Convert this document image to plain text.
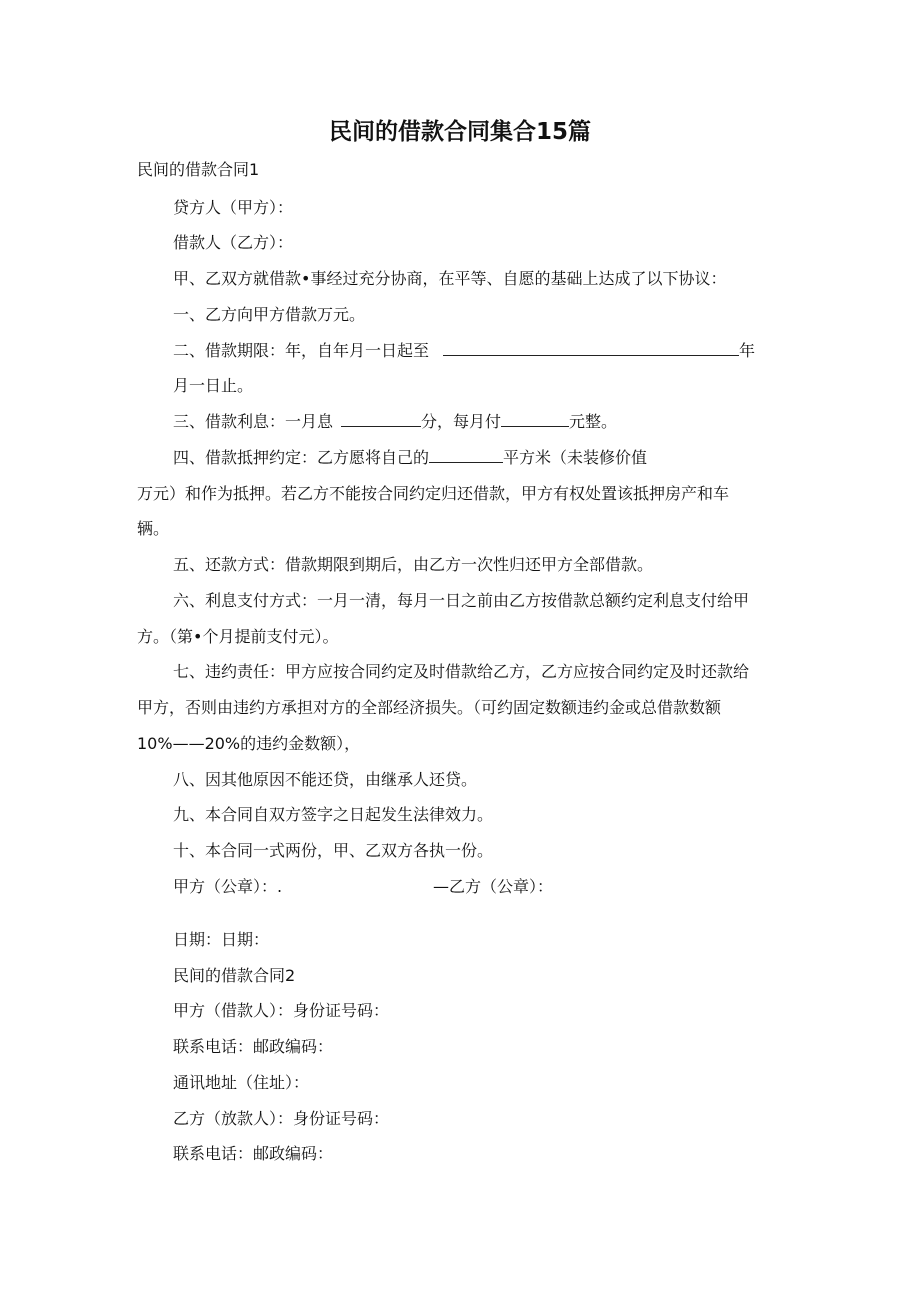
民间的借款合同集合15篇
民间的借款合同1
贷方人（甲方）：
借款人（乙方）：
甲、乙双方就借款•事经过充分协商，在平等、自愿的基础上达成了以下协议：
一、乙方向甲方借款万元。
二、借款期限：年，自年月一日起至	年
月一日止。
三、借款利息：一月息	分，每月付	元整。
四、借款抵押约定：乙方愿将自己的	平方米（未装修价值
万元）和作为抵押。若乙方不能按合同约定归还借款，甲方有权处置该抵押房产和车
辆。
五、还款方式：借款期限到期后，由乙方一次性归还甲方全部借款。
六、利息支付方式：一月一清，每月一日之前由乙方按借款总额约定利息支付给甲
方。（第•个月提前支付元）。
七、违约责任：甲方应按合同约定及时借款给乙方，乙方应按合同约定及时还款给
甲方，否则由违约方承担对方的全部经济损失。（可约固定数额违约金或总借款数额
10%——20%的违约金数额），
八、因其他原因不能还贷，由继承人还贷。
九、本合同自双方签字之日起发生法律效力。
十、本合同一式两份，甲、乙双方各执一份。
甲方（公章）：.	—乙方（公章）：
日期：日期：
民间的借款合同2
甲方（借款人）：身份证号码：
联系电话：邮政编码：
通讯地址（住址）：
乙方（放款人）：身份证号码：
联系电话：邮政编码：
